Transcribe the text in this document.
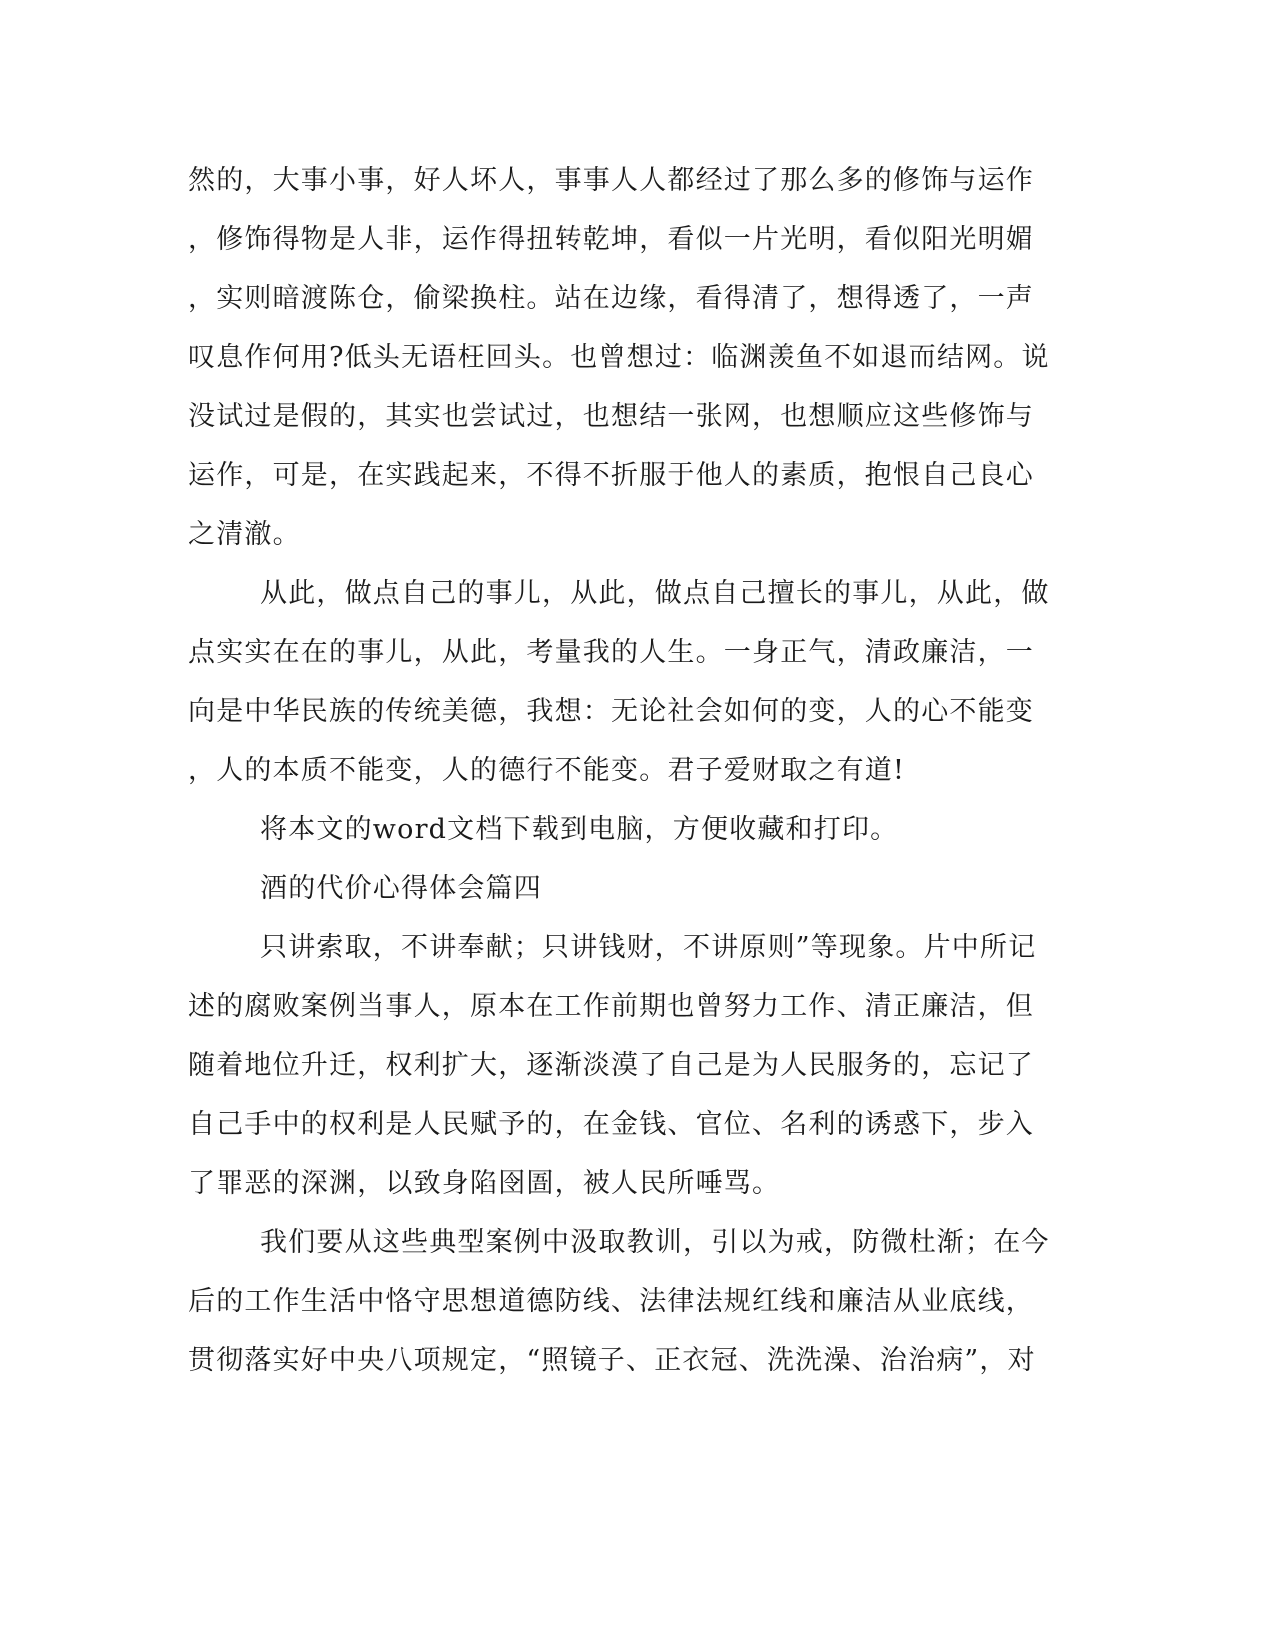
然的，大事小事，好人坏人，事事人人都经过了那么多的修饰与运作
，修饰得物是人非，运作得扭转乾坤，看似一片光明，看似阳光明媚
，实则暗渡陈仓，偷梁换柱。站在边缘，看得清了，想得透了，一声
叹息作何用?低头无语枉回头。也曾想过：临渊羡鱼不如退而结网。说
没试过是假的，其实也尝试过，也想结一张网，也想顺应这些修饰与
运作，可是，在实践起来，不得不折服于他人的素质，抱恨自己良心
之清澈。
从此，做点自己的事儿，从此，做点自己擅长的事儿，从此，做
点实实在在的事儿，从此，考量我的人生。一身正气，清政廉洁，一
向是中华民族的传统美德，我想：无论社会如何的变，人的心不能变
，人的本质不能变，人的德行不能变。君子爱财取之有道!
将本文的word文档下载到电脑，方便收藏和打印。
酒的代价心得体会篇四
只讲索取，不讲奉献；只讲钱财，不讲原则”等现象。片中所记
述的腐败案例当事人，原本在工作前期也曾努力工作、清正廉洁，但
随着地位升迁，权利扩大，逐渐淡漠了自己是为人民服务的，忘记了
自己手中的权利是人民赋予的，在金钱、官位、名利的诱惑下，步入
了罪恶的深渊，以致身陷囹圄，被人民所唾骂。
我们要从这些典型案例中汲取教训，引以为戒，防微杜渐；在今
后的工作生活中恪守思想道德防线、法律法规红线和廉洁从业底线，
贯彻落实好中央八项规定，“照镜子、正衣冠、洗洗澡、治治病”，对
